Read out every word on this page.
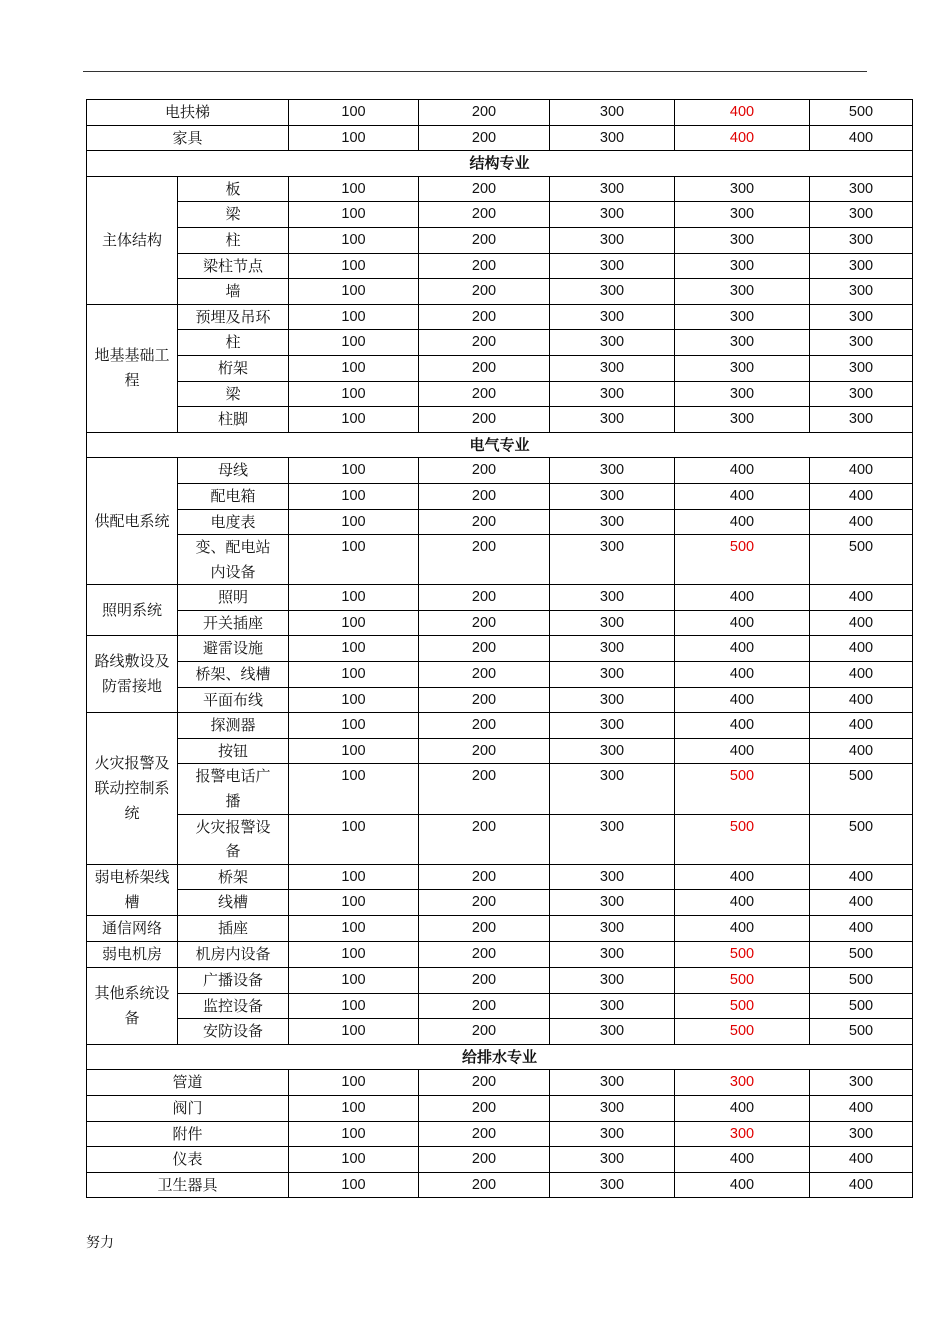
电扶梯		100	200	300	400	500
家具		100	200	300	400	400
结构专业						
主体结构	板	100	200	300	300	300
	梁	100	200	300	300	300
	柱	100	200	300	300	300
	梁柱节点	100	200	300	300	300
	墙	100	200	300	300	300
地基基础工程	预埋及吊环	100	200	300	300	300
	柱	100	200	300	300	300
	桁架	100	200	300	300	300
	梁	100	200	300	300	300
	柱脚	100	200	300	300	300
电气专业						
供配电系统	母线	100	200	300	400	400
	配电箱	100	200	300	400	400
	电度表	100	200	300	400	400
	变、配电站内设备	100	200	300	500	500
照明系统	照明	100	200	300	400	400
	开关插座	100	200	300	400	400
路线敷设及防雷接地	避雷设施	100	200	300	400	400
	桥架、线槽	100	200	300	400	400
	平面布线	100	200	300	400	400
火灾报警及联动控制系统	探测器	100	200	300	400	400
	按钮	100	200	300	400	400
	报警电话广播	100	200	300	500	500
	火灾报警设备	100	200	300	500	500
弱电桥架线槽	桥架	100	200	300	400	400
	线槽	100	200	300	400	400
通信网络	插座	100	200	300	400	400
弱电机房	机房内设备	100	200	300	500	500
其他系统设备	广播设备	100	200	300	500	500
	监控设备	100	200	300	500	500
	安防设备	100	200	300	500	500
给排水专业						
管道		100	200	300	300	300
阀门		100	200	300	400	400
附件		100	200	300	300	300
仪表		100	200	300	400	400
卫生器具		100	200	300	400	400
努力
